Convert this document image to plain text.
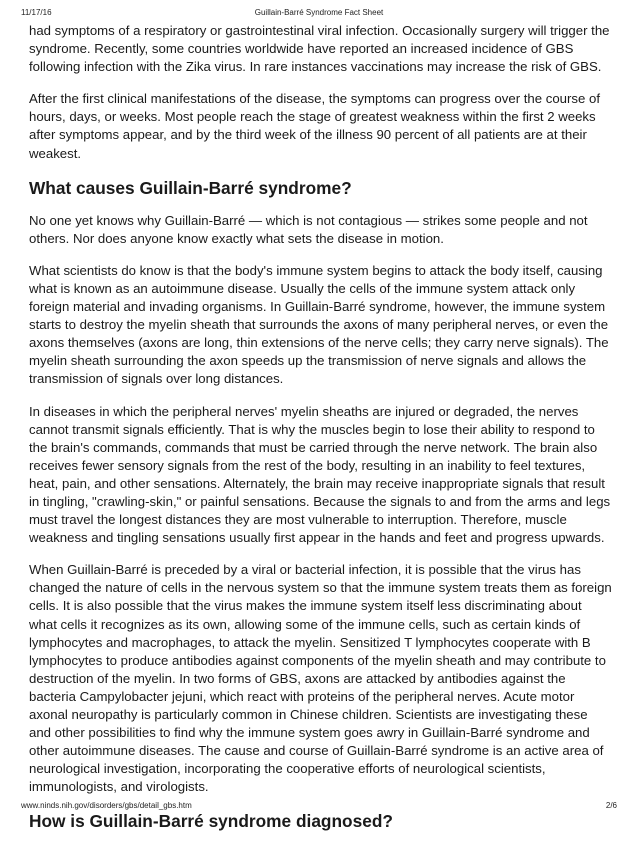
11/17/16	Guillain-Barré Syndrome Fact Sheet

had symptoms of a respiratory or gastrointestinal viral infection. Occasionally surgery will trigger the syndrome. Recently, some countries worldwide have reported an increased incidence of GBS following infection with the Zika virus. In rare instances vaccinations may increase the risk of GBS.

After the first clinical manifestations of the disease, the symptoms can progress over the course of hours, days, or weeks. Most people reach the stage of greatest weakness within the first 2 weeks after symptoms appear, and by the third week of the illness 90 percent of all patients are at their weakest.

What causes Guillain-Barré syndrome?

No one yet knows why Guillain-Barré — which is not contagious — strikes some people and not others. Nor does anyone know exactly what sets the disease in motion.

What scientists do know is that the body's immune system begins to attack the body itself, causing what is known as an autoimmune disease. Usually the cells of the immune system attack only foreign material and invading organisms. In Guillain-Barré syndrome, however, the immune system starts to destroy the myelin sheath that surrounds the axons of many peripheral nerves, or even the axons themselves (axons are long, thin extensions of the nerve cells; they carry nerve signals). The myelin sheath surrounding the axon speeds up the transmission of nerve signals and allows the transmission of signals over long distances.

In diseases in which the peripheral nerves' myelin sheaths are injured or degraded, the nerves cannot transmit signals efficiently. That is why the muscles begin to lose their ability to respond to the brain's commands, commands that must be carried through the nerve network. The brain also receives fewer sensory signals from the rest of the body, resulting in an inability to feel textures, heat, pain, and other sensations. Alternately, the brain may receive inappropriate signals that result in tingling, "crawling-skin," or painful sensations. Because the signals to and from the arms and legs must travel the longest distances they are most vulnerable to interruption. Therefore, muscle weakness and tingling sensations usually first appear in the hands and feet and progress upwards.

When Guillain-Barré is preceded by a viral or bacterial infection, it is possible that the virus has changed the nature of cells in the nervous system so that the immune system treats them as foreign cells. It is also possible that the virus makes the immune system itself less discriminating about what cells it recognizes as its own, allowing some of the immune cells, such as certain kinds of lymphocytes and macrophages, to attack the myelin. Sensitized T lymphocytes cooperate with B lymphocytes to produce antibodies against components of the myelin sheath and may contribute to destruction of the myelin. In two forms of GBS, axons are attacked by antibodies against the bacteria Campylobacter jejuni, which react with proteins of the peripheral nerves. Acute motor axonal neuropathy is particularly common in Chinese children. Scientists are investigating these and other possibilities to find why the immune system goes awry in Guillain-Barré syndrome and other autoimmune diseases. The cause and course of Guillain-Barré syndrome is an active area of neurological investigation, incorporating the cooperative efforts of neurological scientists, immunologists, and virologists.

How is Guillain-Barré syndrome diagnosed?
www.ninds.nih.gov/disorders/gbs/detail_gbs.htm	2/6
